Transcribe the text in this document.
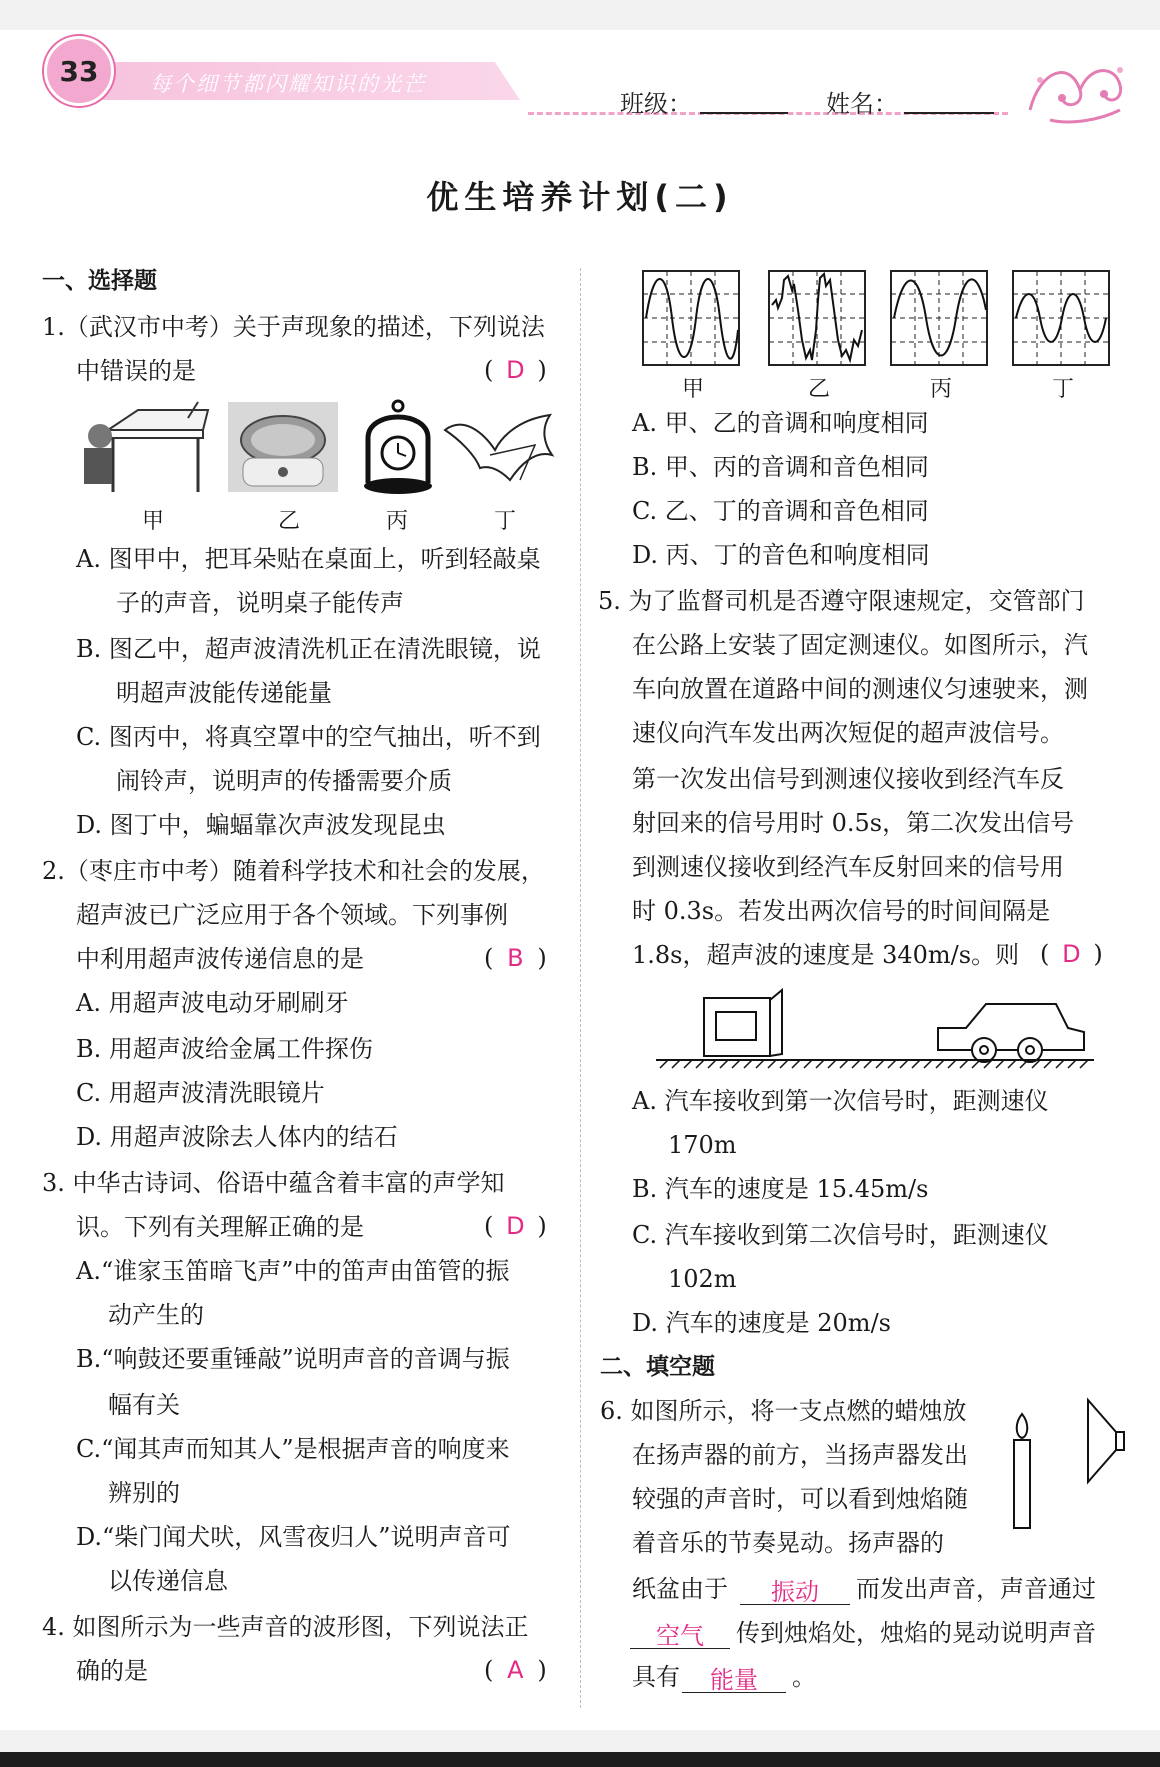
33	每个细节都闪耀知识的光芒
班级：	姓名：
优生培养计划(二)
一、选择题
1.（武汉市中考）关于声现象的描述，下列说法
中错误的是	( D )
甲	乙	丙	丁
A. 图甲中，把耳朵贴在桌面上，听到轻敲桌
子的声音，说明桌子能传声
B. 图乙中，超声波清洗机正在清洗眼镜，说
明超声波能传递能量
C. 图丙中，将真空罩中的空气抽出，听不到
闹铃声，说明声的传播需要介质
D. 图丁中，蝙蝠靠次声波发现昆虫
2.（枣庄市中考）随着科学技术和社会的发展，
超声波已广泛应用于各个领域。下列事例
中利用超声波传递信息的是	( B )
A. 用超声波电动牙刷刷牙
B. 用超声波给金属工件探伤
C. 用超声波清洗眼镜片
D. 用超声波除去人体内的结石
3. 中华古诗词、俗语中蕴含着丰富的声学知
识。下列有关理解正确的是	( D )
A.“谁家玉笛暗飞声”中的笛声由笛管的振
动产生的
B.“响鼓还要重锤敲”说明声音的音调与振
幅有关
C.“闻其声而知其人”是根据声音的响度来
辨别的
D.“柴门闻犬吠，风雪夜归人”说明声音可
以传递信息
4. 如图所示为一些声音的波形图，下列说法正
确的是	( A )
甲	乙	丙	丁
A. 甲、乙的音调和响度相同
B. 甲、丙的音调和音色相同
C. 乙、丁的音调和音色相同
D. 丙、丁的音色和响度相同
5. 为了监督司机是否遵守限速规定，交管部门
在公路上安装了固定测速仪。如图所示，汽
车向放置在道路中间的测速仪匀速驶来，测
速仪向汽车发出两次短促的超声波信号。
第一次发出信号到测速仪接收到经汽车反
射回来的信号用时 0.5s，第二次发出信号
到测速仪接收到经汽车反射回来的信号用
时 0.3s。若发出两次信号的时间间隔是
1.8s，超声波的速度是 340m/s。则 ( D )
A. 汽车接收到第一次信号时，距测速仪
170m
B. 汽车的速度是 15.45m/s
C. 汽车接收到第二次信号时，距测速仪
102m
D. 汽车的速度是 20m/s
二、填空题
6. 如图所示，将一支点燃的蜡烛放
在扬声器的前方，当扬声器发出
较强的声音时，可以看到烛焰随
着音乐的节奏晃动。扬声器的
纸盆由于	振动	而发出声音，声音通过
空气	传到烛焰处，烛焰的晃动说明声音
具有	能量	。
